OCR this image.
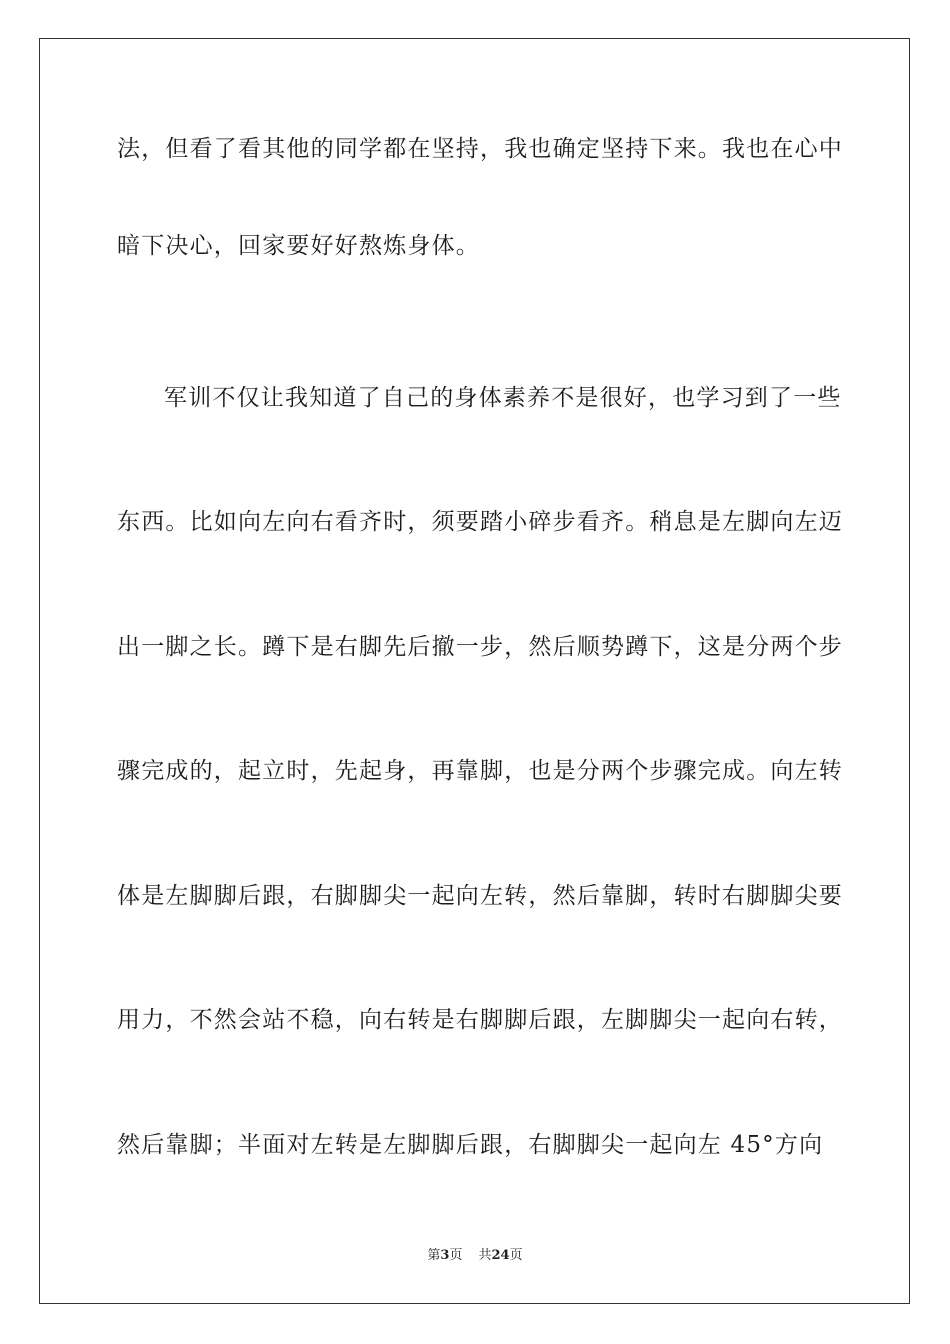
法，但看了看其他的同学都在坚持，我也确定坚持下来。我也在心中
暗下决心，回家要好好熬炼身体。
军训不仅让我知道了自己的身体素养不是很好，也学习到了一些
东西。比如向左向右看齐时，须要踏小碎步看齐。稍息是左脚向左迈
出一脚之长。蹲下是右脚先后撤一步，然后顺势蹲下，这是分两个步
骤完成的，起立时，先起身，再靠脚，也是分两个步骤完成。向左转
体是左脚脚后跟，右脚脚尖一起向左转，然后靠脚，转时右脚脚尖要
用力，不然会站不稳，向右转是右脚脚后跟，左脚脚尖一起向右转，
然后靠脚；半面对左转是左脚脚后跟，右脚脚尖一起向左 45°方向
第3页 共24页
